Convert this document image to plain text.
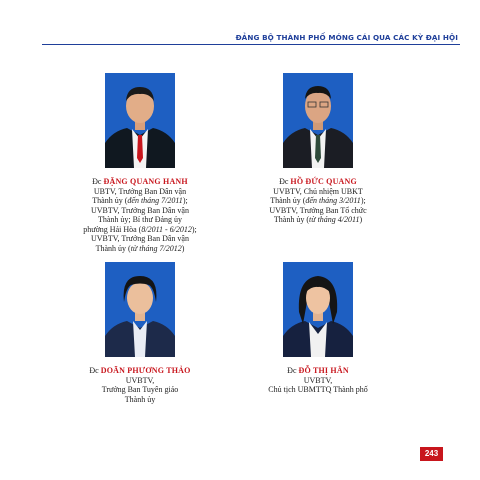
ĐẢNG BỘ THÀNH PHỐ MÓNG CÁI QUA CÁC KỲ ĐẠI HỘI
Đc ĐẶNG QUANG HANH
UBTV, Trưởng Ban Dân vận
Thành ủy (đến tháng 7/2011);
UVBTV, Trưởng Ban Dân vận
Thành ủy; Bí thư Đảng ủy
phường Hải Hòa (8/2011 - 6/2012);
UVBTV, Trưởng Ban Dân vận
Thành ủy (từ tháng 7/2012)
Đc HỒ ĐỨC QUANG
UVBTV, Chủ nhiệm UBKT
Thành ủy (đến tháng 3/2011);
UVBTV, Trưởng Ban Tổ chức
Thành ủy (từ tháng 4/2011)
Đc DOÃN PHƯƠNG THẢO
UVBTV,
Trưởng Ban Tuyên giáo
Thành ủy
Đc ĐỖ THỊ HÂN
UVBTV,
Chủ tịch UBMTTQ Thành phố
243
